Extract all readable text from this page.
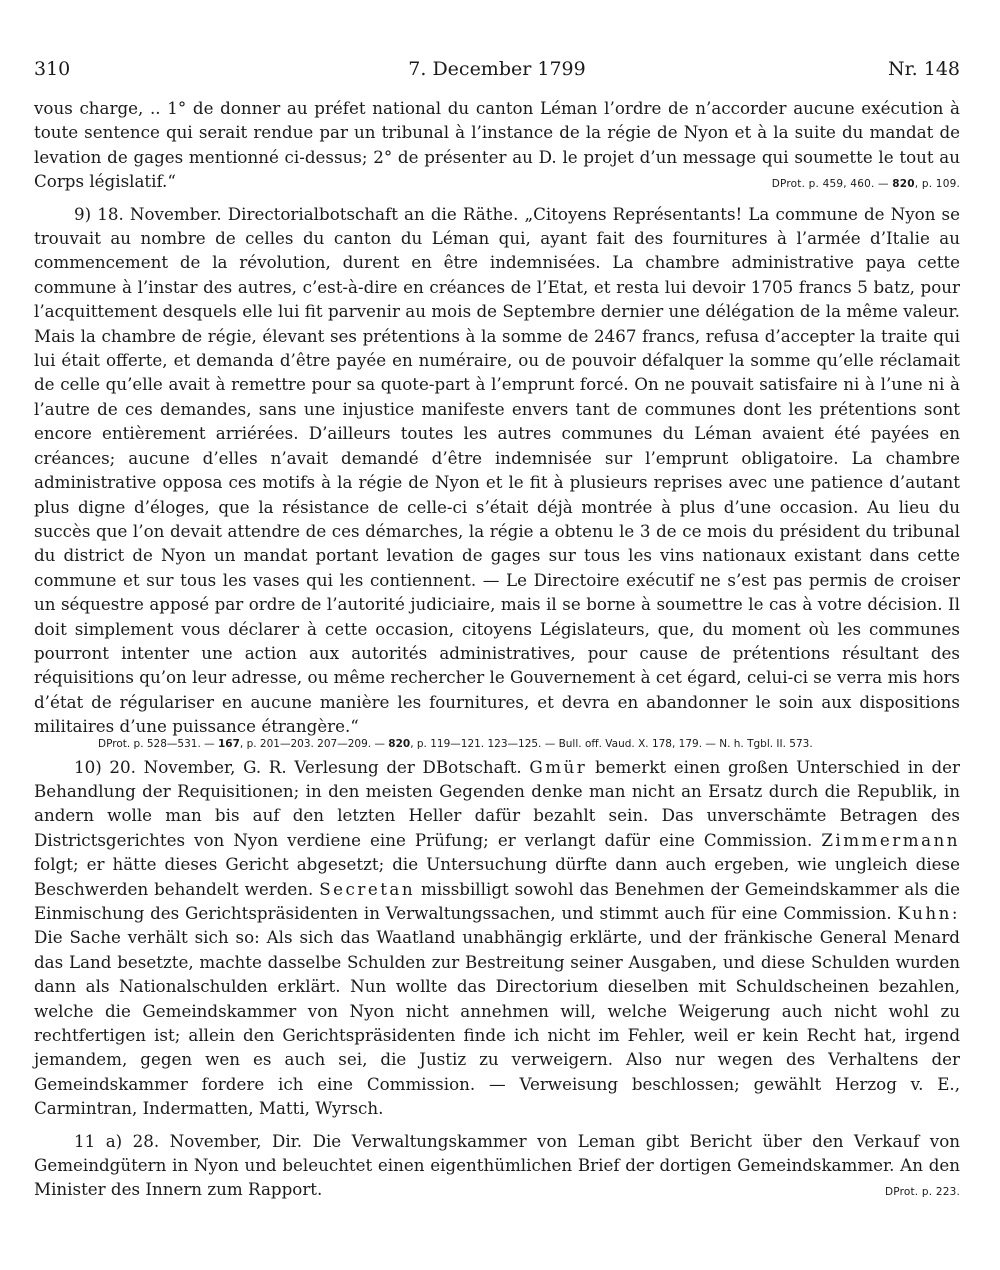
310	7. December 1799	Nr. 148

vous charge, .. 1° de donner au préfet national du canton Léman l’ordre de n’accorder aucune exécution à toute sentence qui serait rendue par un tribunal à l’instance de la régie de Nyon et à la suite du mandat de levation de gages mentionné ci-dessus; 2° de présenter au D. le projet d’un message qui soumette le tout au Corps législatif.“	DProt. p. 459, 460. — 820, p. 109.

9) 18. November. Directorialbotschaft an die Räthe. „Citoyens Représentants! La commune de Nyon se trouvait au nombre de celles du canton du Léman qui, ayant fait des fournitures à l’armée d’Italie au commencement de la révolution, durent en être indemnisées. La chambre administrative paya cette commune à l’instar des autres, c’est-à-dire en créances de l’Etat, et resta lui devoir 1705 francs 5 batz, pour l’acquittement desquels elle lui fit parvenir au mois de Septembre dernier une délégation de la même valeur. Mais la chambre de régie, élevant ses prétentions à la somme de 2467 francs, refusa d’accepter la traite qui lui était offerte, et demanda d’être payée en numéraire, ou de pouvoir défalquer la somme qu’elle réclamait de celle qu’elle avait à remettre pour sa quote-part à l’emprunt forcé. On ne pouvait satisfaire ni à l’une ni à l’autre de ces demandes, sans une injustice manifeste envers tant de communes dont les prétentions sont encore entièrement arriérées. D’ailleurs toutes les autres communes du Léman avaient été payées en créances; aucune d’elles n’avait demandé d’être indemnisée sur l’emprunt obligatoire. La chambre administrative opposa ces motifs à la régie de Nyon et le fit à plusieurs reprises avec une patience d’autant plus digne d’éloges, que la résistance de celle-ci s’était déjà montrée à plus d’une occasion. Au lieu du succès que l’on devait attendre de ces démarches, la régie a obtenu le 3 de ce mois du président du tribunal du district de Nyon un mandat portant levation de gages sur tous les vins nationaux existant dans cette commune et sur tous les vases qui les contiennent. — Le Directoire exécutif ne s’est pas permis de croiser un séquestre apposé par ordre de l’autorité judiciaire, mais il se borne à soumettre le cas à votre décision. Il doit simplement vous déclarer à cette occasion, citoyens Législateurs, que, du moment où les communes pourront intenter une action aux autorités administratives, pour cause de prétentions résultant des réquisitions qu’on leur adresse, ou même rechercher le Gouvernement à cet égard, celui-ci se verra mis hors d’état de régulariser en aucune manière les fournitures, et devra en abandonner le soin aux dispositions militaires d’une puissance étrangère.“

DProt. p. 528—531. — 167, p. 201—203. 207—209. — 820, p. 119—121. 123—125. — Bull. off. Vaud. X. 178, 179. — N. h. Tgbl. II. 573.

10) 20. November, G. R. Verlesung der DBotschaft. Gmür bemerkt einen großen Unterschied in der Behandlung der Requisitionen; in den meisten Gegenden denke man nicht an Ersatz durch die Republik, in andern wolle man bis auf den letzten Heller dafür bezahlt sein. Das unverschämte Betragen des Districtsgerichtes von Nyon verdiene eine Prüfung; er verlangt dafür eine Commission. Zimmermann folgt; er hätte dieses Gericht abgesetzt; die Untersuchung dürfte dann auch ergeben, wie ungleich diese Beschwerden behandelt werden. Secretan missbilligt sowohl das Benehmen der Gemeindskammer als die Einmischung des Gerichtspräsidenten in Verwaltungssachen, und stimmt auch für eine Commission. Kuhn: Die Sache verhält sich so: Als sich das Waatland unabhängig erklärte, und der fränkische General Menard das Land besetzte, machte dasselbe Schulden zur Bestreitung seiner Ausgaben, und diese Schulden wurden dann als Nationalschulden erklärt. Nun wollte das Directorium dieselben mit Schuldscheinen bezahlen, welche die Gemeindskammer von Nyon nicht annehmen will, welche Weigerung auch nicht wohl zu rechtfertigen ist; allein den Gerichtspräsidenten finde ich nicht im Fehler, weil er kein Recht hat, irgend jemandem, gegen wen es auch sei, die Justiz zu verweigern. Also nur wegen des Verhaltens der Gemeindskammer fordere ich eine Commission. — Verweisung beschlossen; gewählt Herzog v. E., Carmintran, Indermatten, Matti, Wyrsch.

11 a) 28. November, Dir. Die Verwaltungskammer von Leman gibt Bericht über den Verkauf von Gemeindgütern in Nyon und beleuchtet einen eigenthümlichen Brief der dortigen Gemeindskammer. An den Minister des Innern zum Rapport.	DProt. p. 223.
